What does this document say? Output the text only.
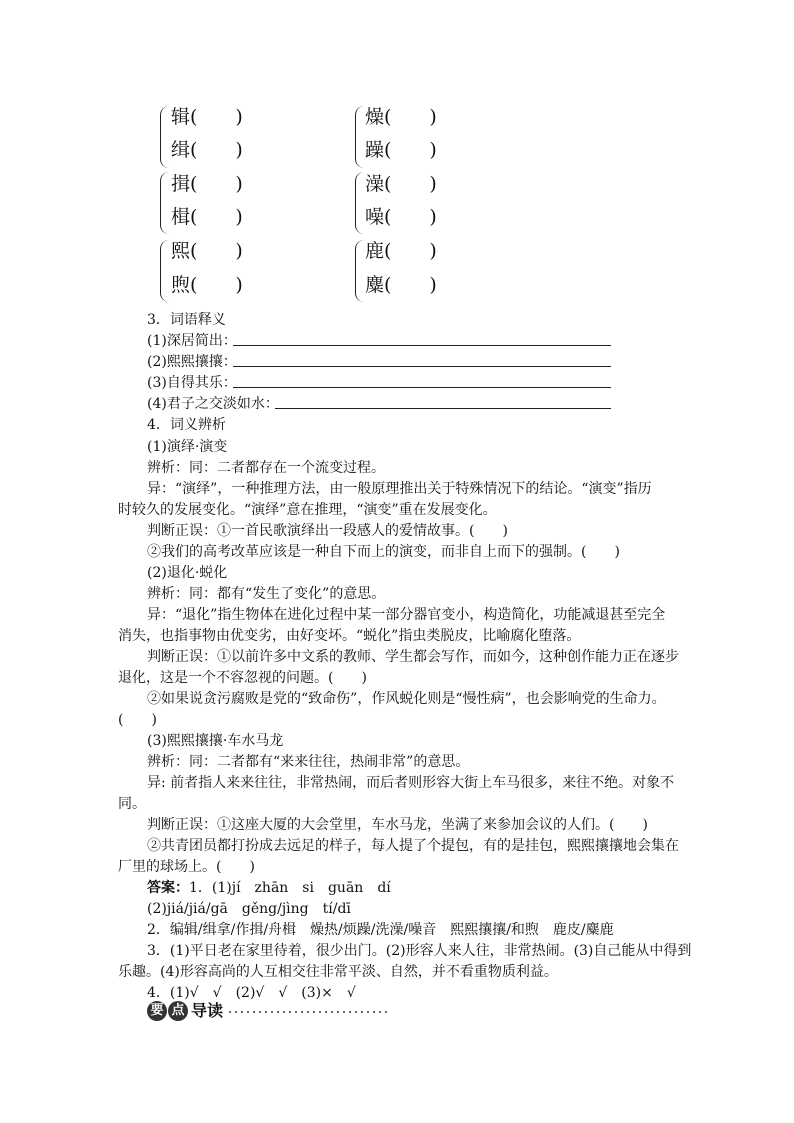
辑(　　)
缉(　　)
揖(　　)
楫(　　)
燥(　　)
躁(　　)
澡(　　)
噪(　　)
熙(　　)
煦(　　)
鹿(　　)
麋(　　)
3．词语释义
(1)深居简出：
(2)熙熙攘攘：
(3)自得其乐：
(4)君子之交淡如水：
4．词义辨析
(1)演绎·演变
辨析：同：二者都存在一个流变过程。
异：“演绎”，一种推理方法，由一般原理推出关于特殊情况下的结论。“演变”指历
时较久的发展变化。“演绎”意在推理，“演变”重在发展变化。
判断正误：①一首民歌演绎出一段感人的爱情故事。(　　)
②我们的高考改革应该是一种自下而上的演变，而非自上而下的强制。(　　)
(2)退化·蜕化
辨析：同：都有“发生了变化”的意思。
异：“退化”指生物体在进化过程中某一部分器官变小，构造简化，功能减退甚至完全
消失，也指事物由优变劣，由好变坏。“蜕化”指虫类脱皮，比喻腐化堕落。
判断正误：①以前许多中文系的教师、学生都会写作，而如今，这种创作能力正在逐步
退化，这是一个不容忽视的问题。(　　)
②如果说贪污腐败是党的“致命伤”，作风蜕化则是“慢性病”，也会影响党的生命力。
(　　)
(3)熙熙攘攘·车水马龙
辨析：同：二者都有“来来往往，热闹非常”的意思。
异: 前者指人来来往往，非常热闹，而后者则形容大街上车马很多，来往不绝。对象不
同。
判断正误：①这座大厦的大会堂里，车水马龙，坐满了来参加会议的人们。(　　)
②共青团员都打扮成去远足的样子，每人提了个提包，有的是挂包，熙熙攘攘地会集在
厂里的球场上。(　　)
答案：1．(1)jí　zhān　si　guān　dí
(2)jiá/jiá/gā　gěng/jìng　tí/dī
2．编辑/缉拿/作揖/舟楫　燥热/烦躁/洗澡/噪音　熙熙攘攘/和煦　鹿皮/麋鹿
3．(1)平日老在家里待着，很少出门。(2)形容人来人往，非常热闹。(3)自己能从中得到
乐趣。(4)形容高尚的人互相交往非常平淡、自然，并不看重物质利益。
4．(1)√　√　(2)√　√　(3)×　√
要 点 导读
